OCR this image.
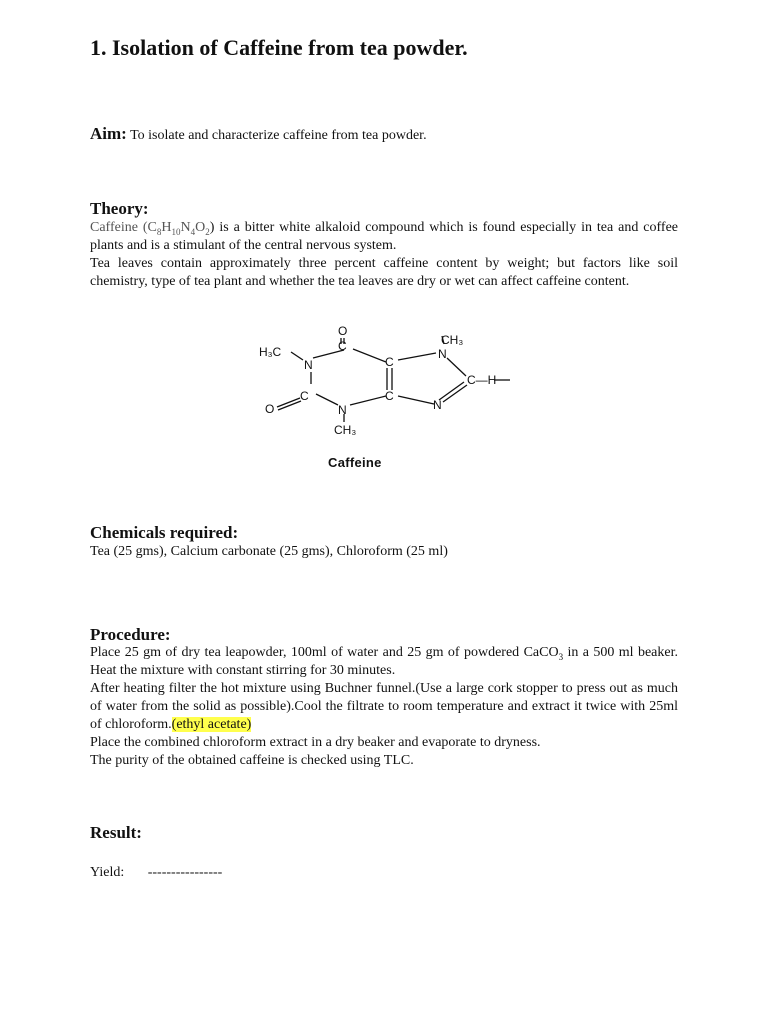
1. Isolation of Caffeine from tea powder.
Aim: To isolate and characterize caffeine from tea powder.
Theory:

Caffeine $(C_8H_{10}N_4O_2)$ is a bitter white alkaloid compound which is found especially in tea and coffee plants and is a stimulant of the central nervous system.

Tea leaves contain approximately three percent caffeine content by weight; but factors like soil chemistry, type of tea plant and whether the tea leaves are dry or wet can affect caffeine content.

H₃C
N
O
C
C
N
CH₃
C—H
N
C
N
CH₃
C
O
Caffeine
Chemicals required:
Tea (25 gms), Calcium carbonate (25 gms), Chloroform (25 ml)
Procedure:

Place 25 gm of dry tea leapowder, 100ml of water and 25 gm of powdered CaCO$_3$ in a 500 ml beaker. Heat the mixture with constant stirring for 30 minutes.

After heating filter the hot mixture using Buchner funnel.(Use a large cork stopper to press out as much of water from the solid as possible).Cool the filtrate to room temperature and extract it twice with 25ml of chloroform.(ethyl acetate)

Place the combined chloroform extract in a dry beaker and evaporate to dryness.

The purity of the obtained caffeine is checked using TLC.

Result:
Yield: ----------------
